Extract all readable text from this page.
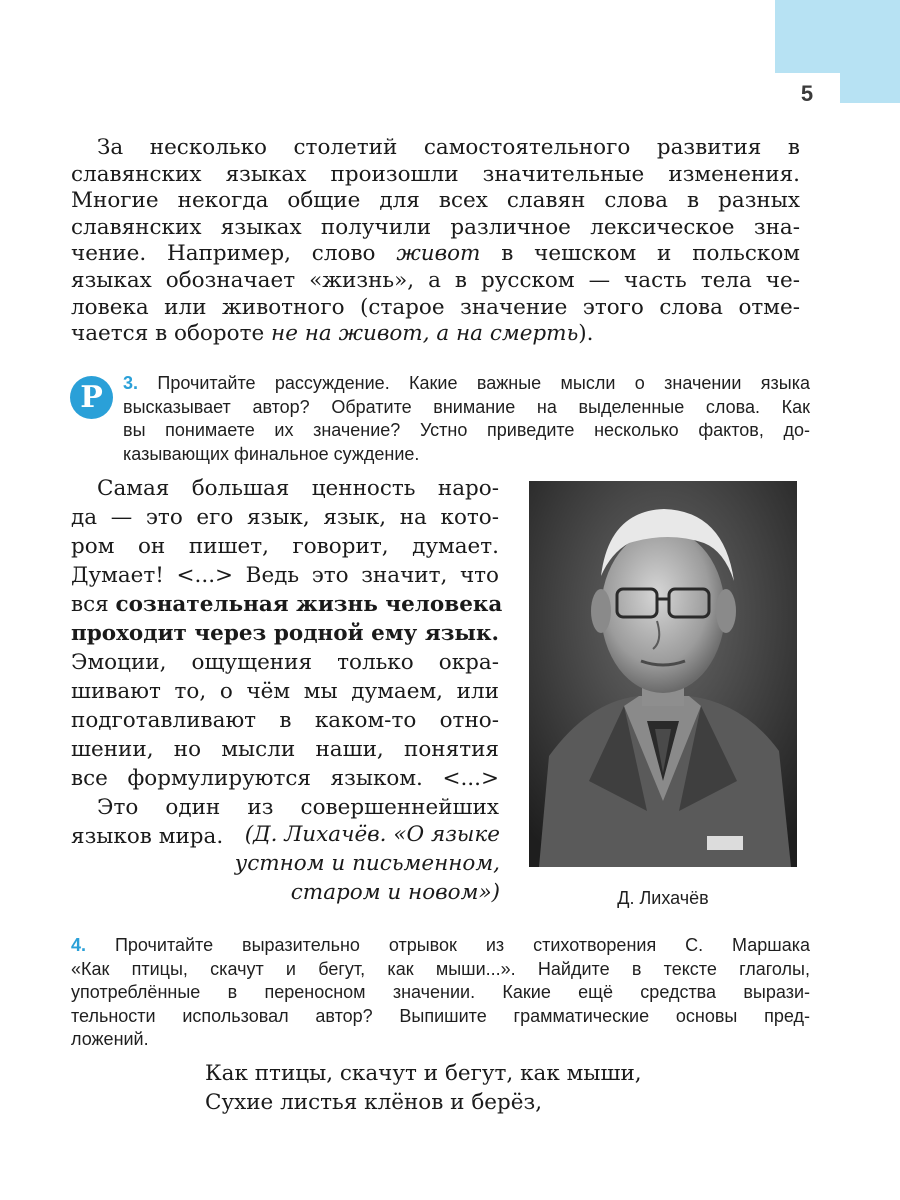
5
За несколько столетий самостоятельного развития в
славянских языках произошли значительные изменения.
Многие некогда общие для всех славян слова в разных
славянских языках получили различное лексическое зна-
чение. Например, слово живот в чешском и польском
языках обозначает «жизнь», а в русском — часть тела че-
ловека или животного (старое значение этого слова отме-
чается в обороте не на живот, а на смерть).
Р	3. Прочитайте рассуждение. Какие важные мысли о значении языка
высказывает автор? Обратите внимание на выделенные слова. Как
вы понимаете их значение? Устно приведите несколько фактов, до-
казывающих финальное суждение.
Самая большая ценность наро-
да — это его язык, язык, на кото-
ром он пишет, говорит, думает.
Думает! <...> Ведь это значит, что
вся сознательная жизнь человека
проходит через родной ему язык.
Эмоции, ощущения только окра-
шивают то, о чём мы думаем, или
подготавливают в каком-то отно-
шении, но мысли наши, понятия
все формулируются языком. <...>
Это один из совершеннейших
языков мира.	(Д. Лихачёв. «О языке
устном и письменном,
старом и новом»)	Д. Лихачёв
4. Прочитайте выразительно отрывок из стихотворения С. Маршака
«Как птицы, скачут и бегут, как мыши...». Найдите в тексте глаголы,
употреблённые в переносном значении. Какие ещё средства вырази-
тельности использовал автор? Выпишите грамматические основы пред-
ложений.
Как птицы, скачут и бегут, как мыши,
Сухие листья клёнов и берёз,
